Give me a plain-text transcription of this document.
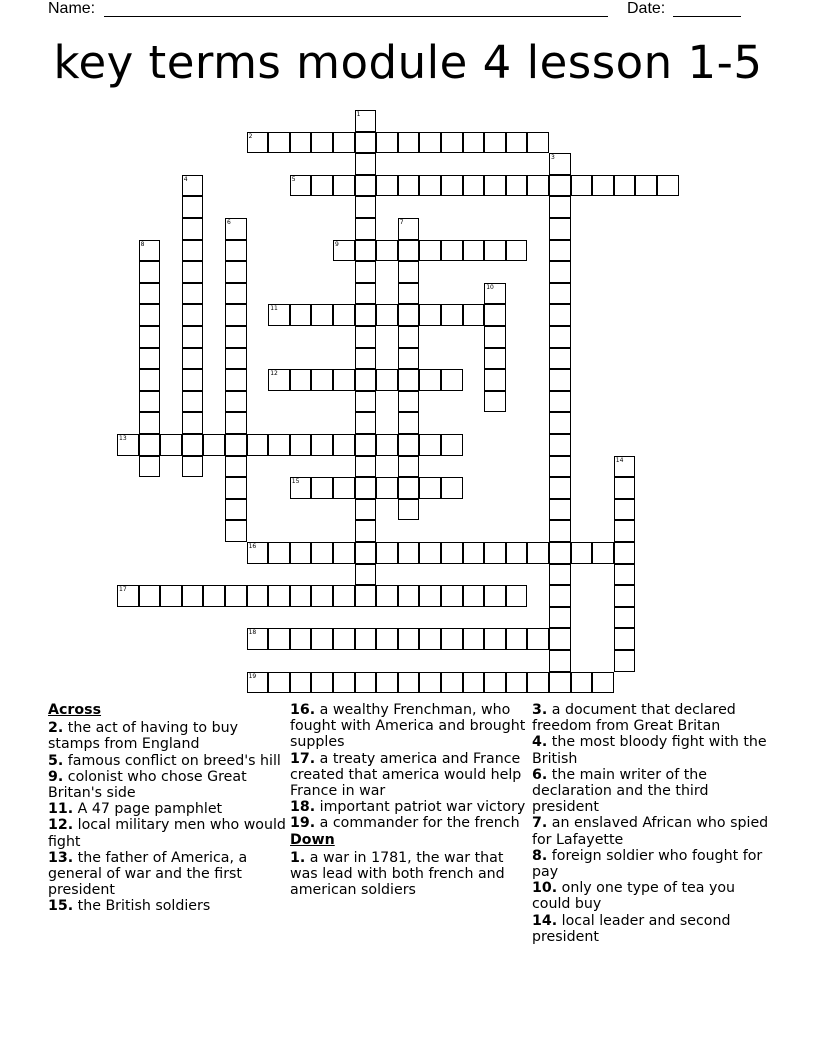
Name:	Date:
key terms module 4 lesson 1-5
1
2
3
4	5
6	7
8	9
10
11
12
13
14
15
16
17
18
19
Across
2. the act of having to buy stamps from England
5. famous conflict on breed's hill
9. colonist who chose Great Britan's side
11. A 47 page pamphlet
12. local military men who would fight
13. the father of America, a general of war and the first president
15. the British soldiers
16. a wealthy Frenchman, who fought with America and brought supples
17. a treaty america and France created that america would help France in war
18. important patriot war victory
19. a commander for the french
Down
1. a war in 1781, the war that was lead with both french and american soldiers
3. a document that declared freedom from Great Britan
4. the most bloody fight with the British
6. the main writer of the declaration and the third president
7. an enslaved African who spied for Lafayette
8. foreign soldier who fought for pay
10. only one type of tea you could buy
14. local leader and second president
